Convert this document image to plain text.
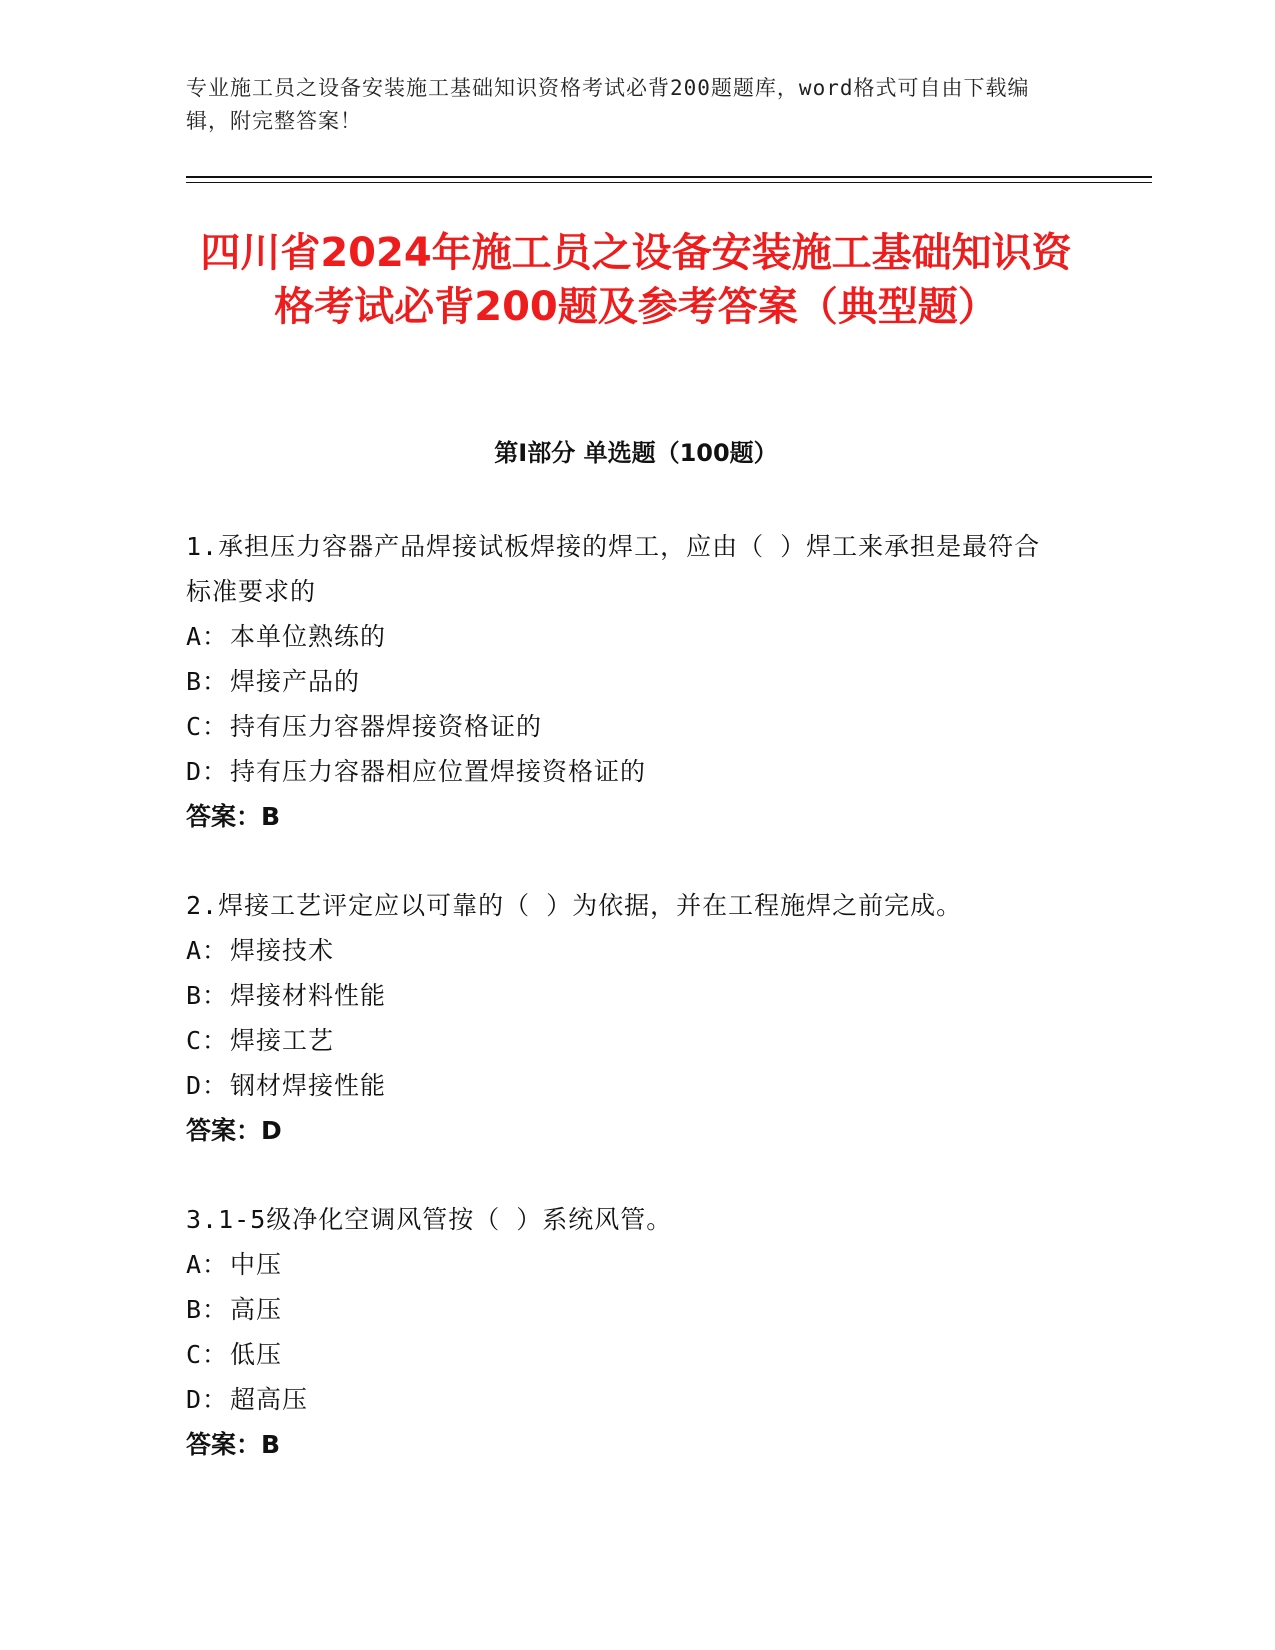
专业施工员之设备安装施工基础知识资格考试必背200题题库，word格式可自由下载编辑，附完整答案！
四川省2024年施工员之设备安装施工基础知识资格考试必背200题及参考答案（典型题）
第I部分 单选题（100题）
1.承担压力容器产品焊接试板焊接的焊工，应由（ ）焊工来承担是最符合标准要求的
A：本单位熟练的
B：焊接产品的
C：持有压力容器焊接资格证的
D：持有压力容器相应位置焊接资格证的
答案：B
2.焊接工艺评定应以可靠的（ ）为依据，并在工程施焊之前完成。
A：焊接技术
B：焊接材料性能
C：焊接工艺
D：钢材焊接性能
答案：D
3.1-5级净化空调风管按（ ）系统风管。
A：中压
B：高压
C：低压
D：超高压
答案：B
